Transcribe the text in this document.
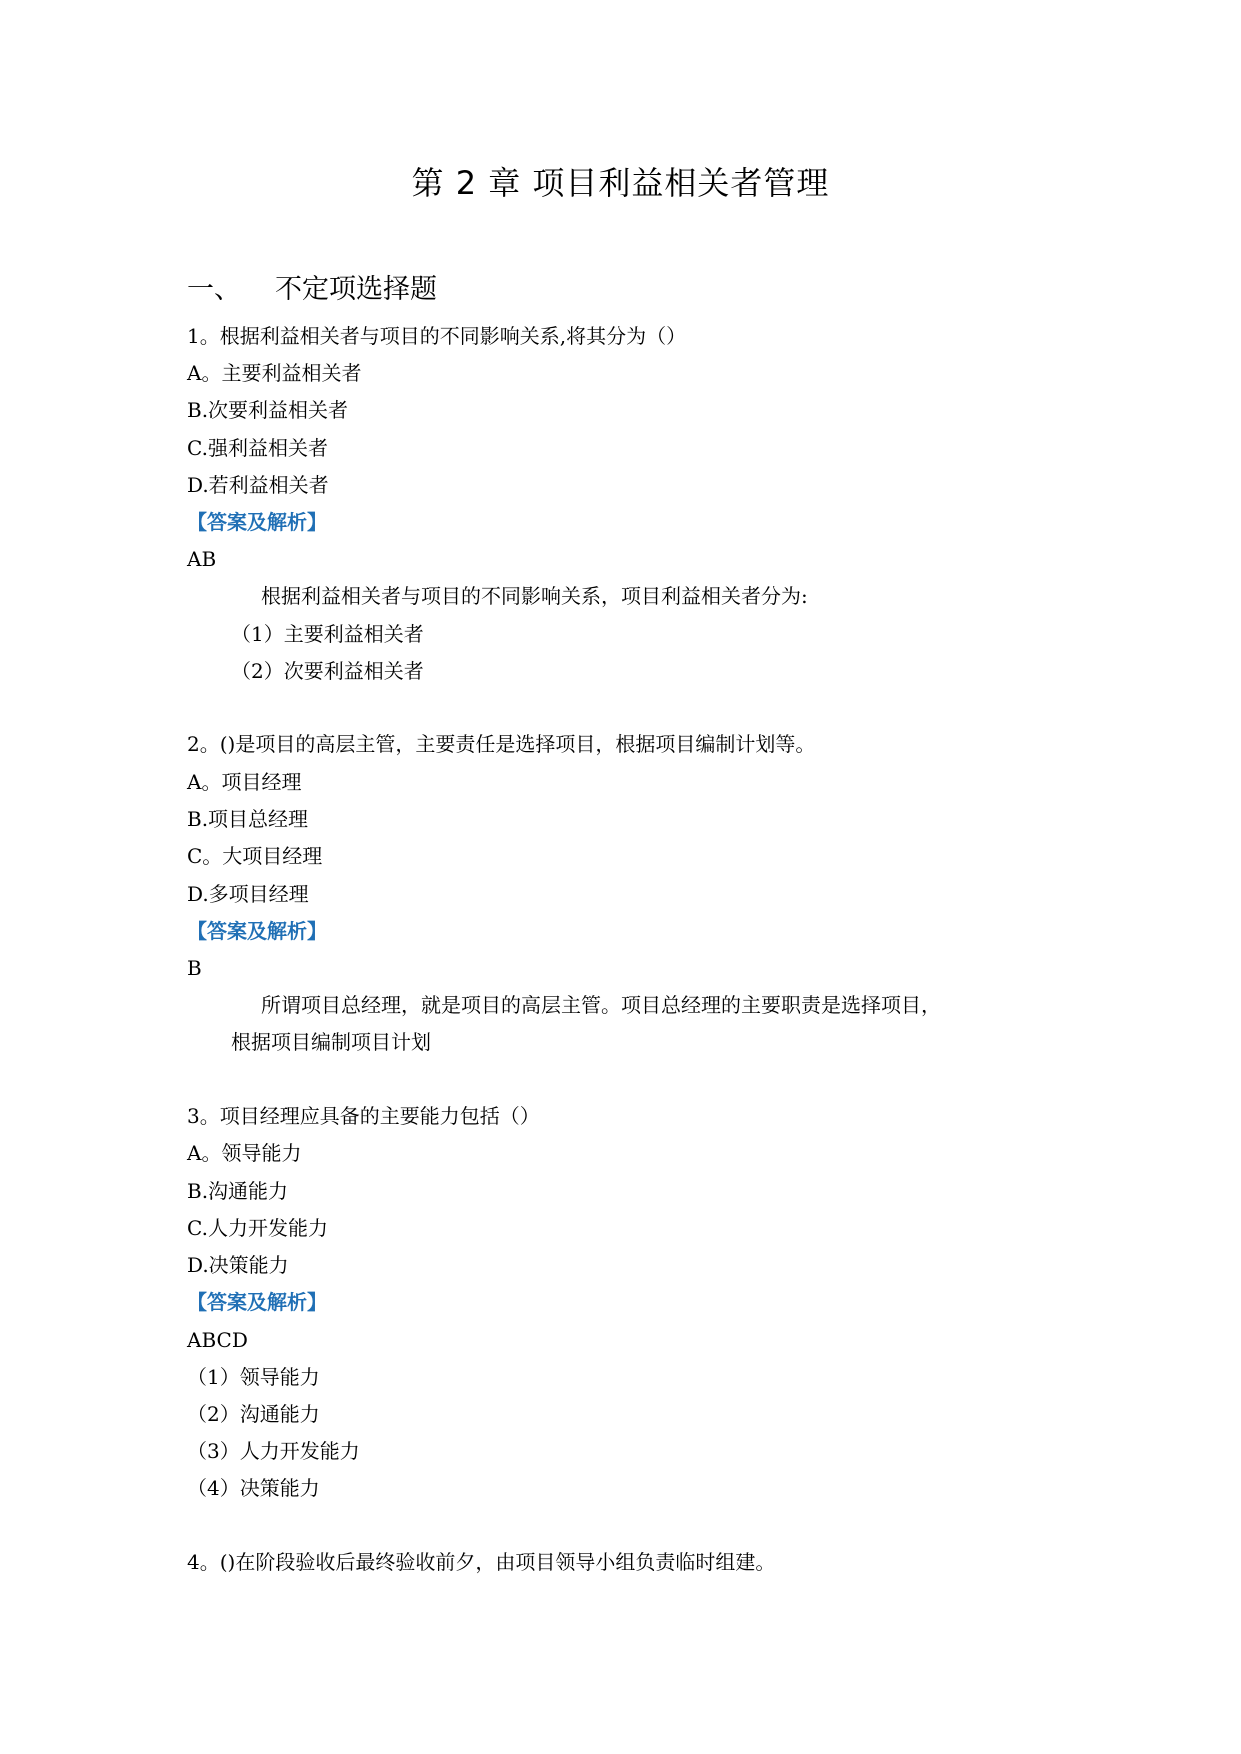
第 2 章 项目利益相关者管理
一、 不定项选择题
1。根据利益相关者与项目的不同影响关系,将其分为（）
A。主要利益相关者
B.次要利益相关者
C.强利益相关者
D.若利益相关者
【答案及解析】
AB
根据利益相关者与项目的不同影响关系，项目利益相关者分为:
（1）主要利益相关者
（2）次要利益相关者
2。()是项目的高层主管，主要责任是选择项目，根据项目编制计划等。
A。项目经理
B.项目总经理
C。大项目经理
D.多项目经理
【答案及解析】
B
所谓项目总经理，就是项目的高层主管。项目总经理的主要职责是选择项目，
根据项目编制项目计划
3。项目经理应具备的主要能力包括（）
A。领导能力
B.沟通能力
C.人力开发能力
D.决策能力
【答案及解析】
ABCD
（1）领导能力
（2）沟通能力
（3）人力开发能力
（4）决策能力
4。()在阶段验收后最终验收前夕，由项目领导小组负责临时组建。
